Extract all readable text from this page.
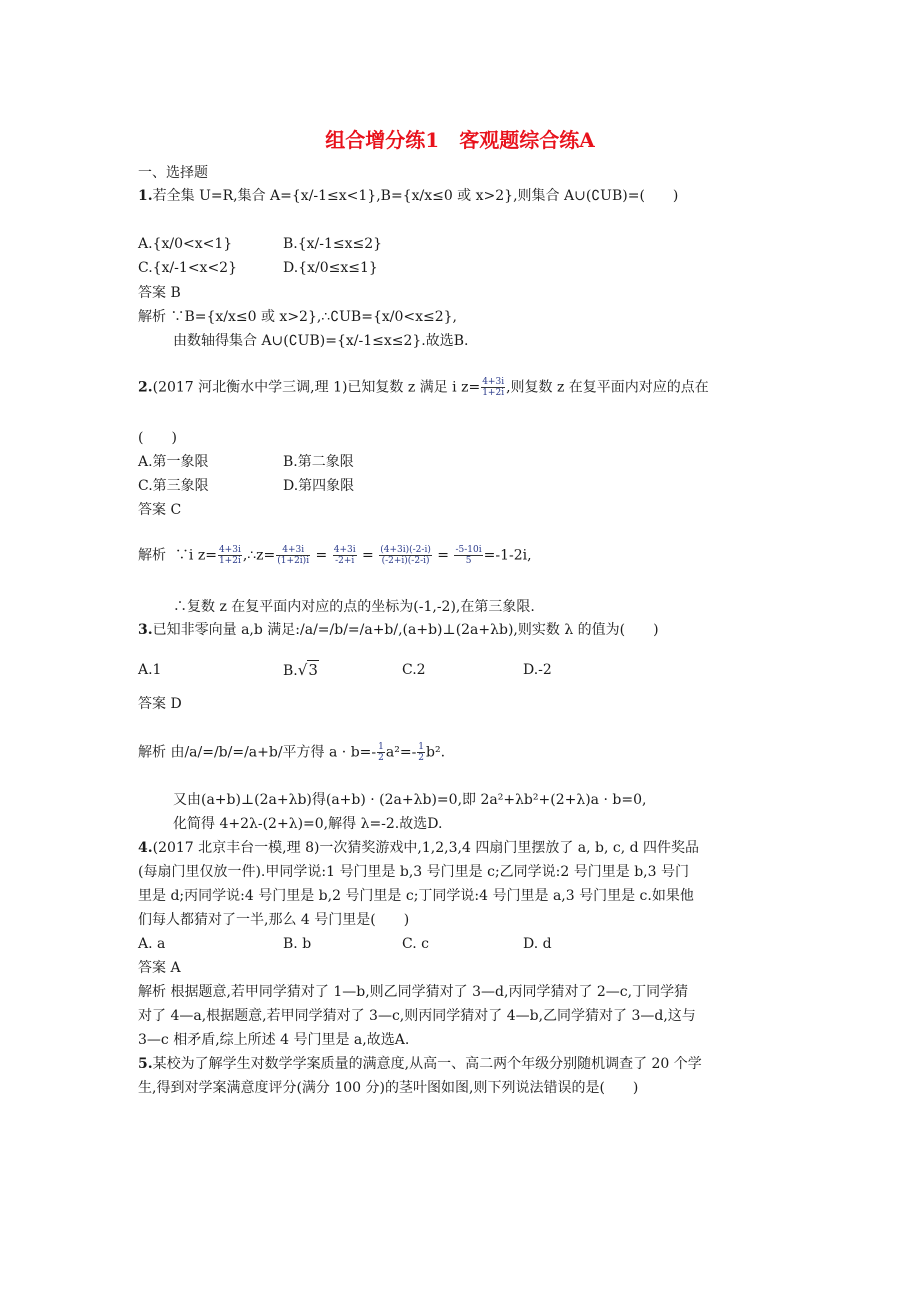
组合增分练1　客观题综合练A
一、选择题
1.若全集 U=R,集合 A={x/-1≤x<1},B={x/x≤0 或 x>2},则集合 A∪(∁UB)=(　　)
A.{x/0<x<1}	B.{x/-1≤x≤2}
C.{x/-1<x<2}	D.{x/0≤x≤1}
答案 B
解析 ∵B={x/x≤0 或 x>2},∴∁UB={x/0<x≤2},
由数轴得集合 A∪(∁UB)={x/-1≤x≤2}.故选B.
2.(2017 河北衡水中学三调,理 1)已知复数 z 满足 i $z= \frac{4+3i}{1+2i}$ ,则复数 z 在复平面内对应的点在
(　　)
A.第一象限	B.第二象限
C.第三象限	D.第四象限
答案 C
解析 ∵i $z= \frac{4+3i}{1+2i}$ ,∴z= $\frac{4+3i}{(1+2i)i} = \frac{4+3i}{-2+i} = \frac{(4+3i)(-2-i)}{(-2+i)(-2-i)} = \frac{-5-10i}{5} =-1-2i$,
∴复数 z 在复平面内对应的点的坐标为(-1,-2),在第三象限.
3.已知非零向量 a,b 满足:/a/=/b/=/a+b/,(a+b)⊥(2a+λb),则实数 λ 的值为(　　)
A.1	B.√3	C.2	D.-2
答案 D
解析 由/a/=/b/=/a+b/平方得 $a \cdot b=- \frac{1}{2} a^2=- \frac{1}{2} b^2$.
又由(a+b)⊥(2a+λb)得(a+b) · (2a+λb)=0,即 2a²+λb²+(2+λ)a · b=0,
化简得 4+2λ-(2+λ)=0,解得 λ=-2.故选D.
4.(2017 北京丰台一模,理 8)一次猜奖游戏中,1,2,3,4 四扇门里摆放了 a, b, c, d 四件奖品
(每扇门里仅放一件).甲同学说:1 号门里是 b,3 号门里是 c;乙同学说:2 号门里是 b,3 号门
里是 d;丙同学说:4 号门里是 b,2 号门里是 c;丁同学说:4 号门里是 a,3 号门里是 c.如果他
们每人都猜对了一半,那么 4 号门里是(　　)
A. a	B. b	C. c	D. d
答案 A
解析 根据题意,若甲同学猜对了 1—b,则乙同学猜对了 3—d,丙同学猜对了 2—c,丁同学猜
对了 4—a,根据题意,若甲同学猜对了 3—c,则丙同学猜对了 4—b,乙同学猜对了 3—d,这与
3—c 相矛盾,综上所述 4 号门里是 a,故选A.
5.某校为了解学生对数学学案质量的满意度,从高一、高二两个年级分别随机调查了 20 个学
生,得到对学案满意度评分(满分 100 分)的茎叶图如图,则下列说法错误的是(　　)
